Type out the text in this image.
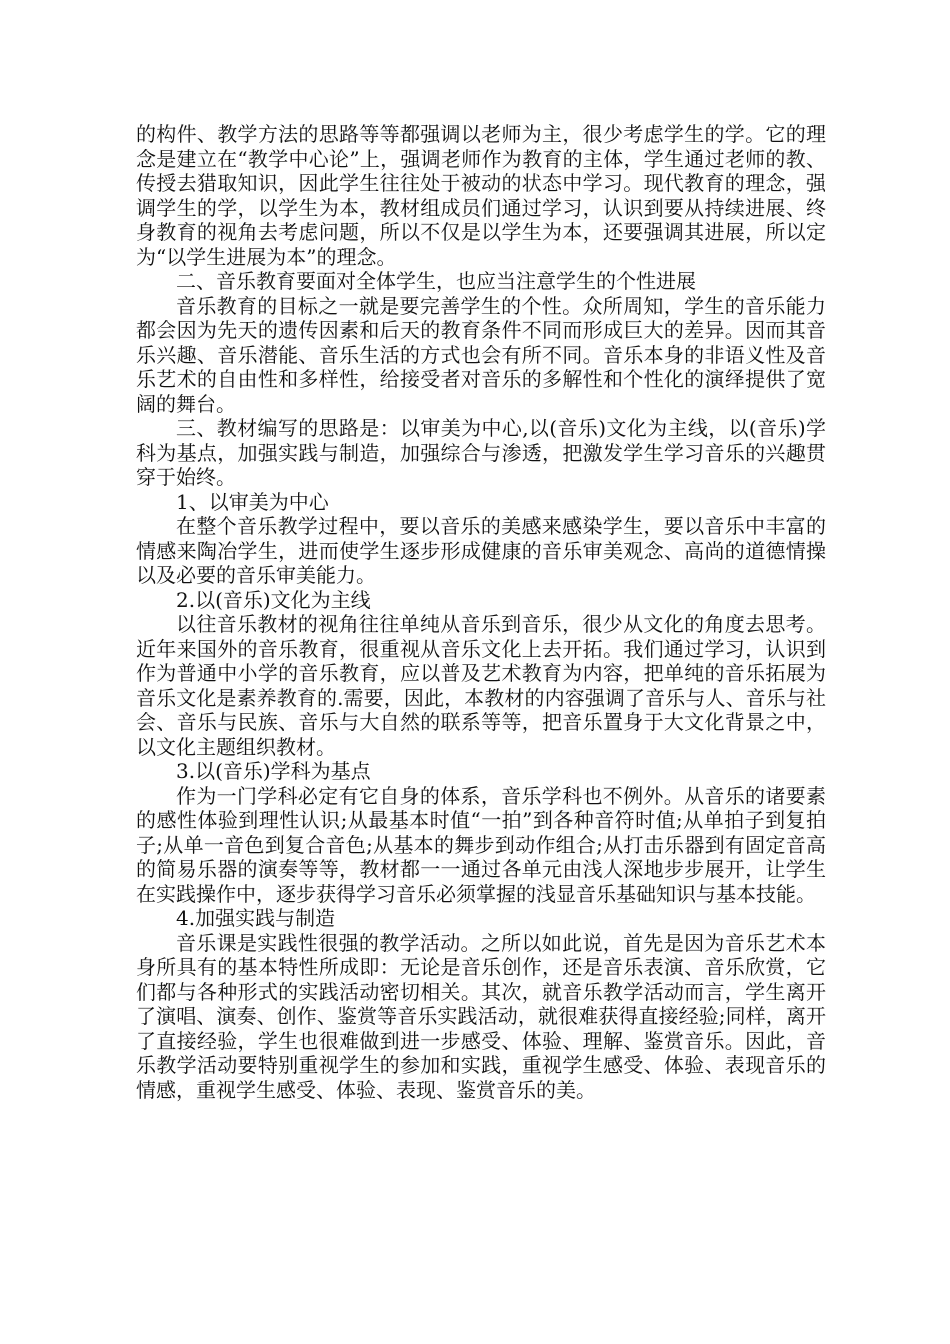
的构件、教学方法的思路等等都强调以老师为主，很少考虑学生的学。它的理念是建立在“教学中心论”上，强调老师作为教育的主体，学生通过老师的教、传授去猎取知识，因此学生往往处于被动的状态中学习。现代教育的理念，强调学生的学，以学生为本，教材组成员们通过学习，认识到要从持续进展、终身教育的视角去考虑问题，所以不仅是以学生为本，还要强调其进展，所以定为“以学生进展为本”的理念。

二、音乐教育要面对全体学生，也应当注意学生的个性进展

音乐教育的目标之一就是要完善学生的个性。众所周知，学生的音乐能力都会因为先天的遗传因素和后天的教育条件不同而形成巨大的差异。因而其音乐兴趣、音乐潜能、音乐生活的方式也会有所不同。音乐本身的非语义性及音乐艺术的自由性和多样性，给接受者对音乐的多解性和个性化的演绎提供了宽阔的舞台。

三、教材编写的思路是：以审美为中心,以(音乐)文化为主线，以(音乐)学科为基点，加强实践与制造，加强综合与渗透，把激发学生学习音乐的兴趣贯穿于始终。

1、以审美为中心

在整个音乐教学过程中，要以音乐的美感来感染学生，要以音乐中丰富的情感来陶冶学生，进而使学生逐步形成健康的音乐审美观念、高尚的道德情操以及必要的音乐审美能力。

2.以(音乐)文化为主线

以往音乐教材的视角往往单纯从音乐到音乐，很少从文化的角度去思考。近年来国外的音乐教育，很重视从音乐文化上去开拓。我们通过学习，认识到作为普通中小学的音乐教育，应以普及艺术教育为内容，把单纯的音乐拓展为音乐文化是素养教育的.需要，因此，本教材的内容强调了音乐与人、音乐与社会、音乐与民族、音乐与大自然的联系等等，把音乐置身于大文化背景之中，以文化主题组织教材。

3.以(音乐)学科为基点

作为一门学科必定有它自身的体系，音乐学科也不例外。从音乐的诸要素的感性体验到理性认识;从最基本时值“一拍”到各种音符时值;从单拍子到复拍子;从单一音色到复合音色;从基本的舞步到动作组合;从打击乐器到有固定音高的简易乐器的演奏等等，教材都一一通过各单元由浅人深地步步展开，让学生在实践操作中，逐步获得学习音乐必须掌握的浅显音乐基础知识与基本技能。

4.加强实践与制造

音乐课是实践性很强的教学活动。之所以如此说，首先是因为音乐艺术本身所具有的基本特性所成即：无论是音乐创作，还是音乐表演、音乐欣赏，它们都与各种形式的实践活动密切相关。其次，就音乐教学活动而言，学生离开了演唱、演奏、创作、鉴赏等音乐实践活动，就很难获得直接经验;同样，离开了直接经验，学生也很难做到进一步感受、体验、理解、鉴赏音乐。因此，音乐教学活动要特别重视学生的参加和实践，重视学生感受、体验、表现音乐的情感，重视学生感受、体验、表现、鉴赏音乐的美。
